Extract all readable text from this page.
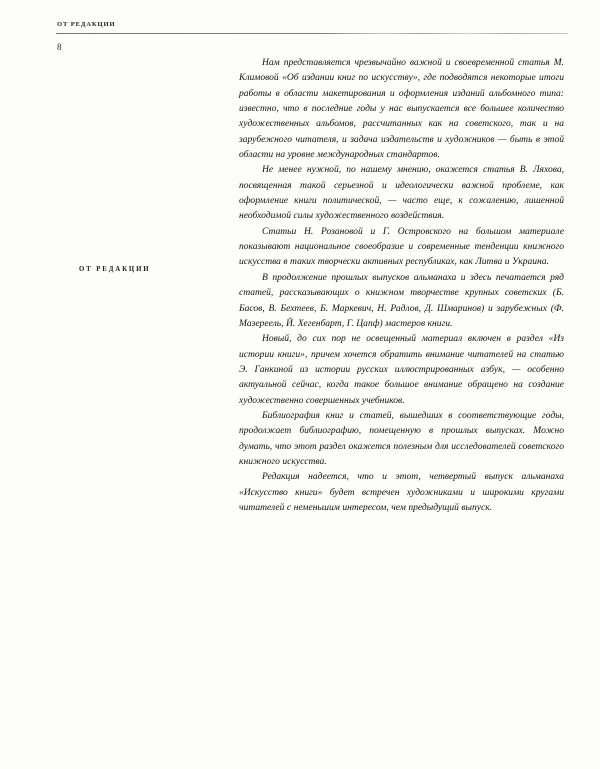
ОТ РЕДАКЦИИ
8
ОТ РЕДАКЦИИ

Нам представляется чрезвычайно важной и своевременной статья М. Климовой «Об издании книг по искусству», где подводятся некоторые итоги работы в области макетирования и оформления изданий альбомного типа: известно, что в последние годы у нас выпускается все большее количество художественных альбомов, рассчитанных как на советского, так и на зарубежного читателя, и задача издательств и художников — быть в этой области на уровне международных стандартов.

Не менее нужной, по нашему мнению, окажется статья В. Ляхова, посвященная такой серьезной и идеологически важной проблеме, как оформление книги политической, — часто еще, к сожалению, лишенной необходимой силы художественного воздействия.

Статьи Н. Розановой и Г. Островского на большом материале показывают национальное своеобразие и современные тенденции книжного искусства в таких творчески активных республиках, как Литва и Украина.

В продолжение прошлых выпусков альманаха и здесь печатается ряд статей, рассказывающих о книжном творчестве крупных советских (Б. Басов, В. Бехтеев, Б. Маркевич, Н. Радлов, Д. Шмаринов) и зарубежных (Ф. Мазереель, Й. Хегенбарт, Г. Цапф) мастеров книги.

Новый, до сих пор не освещенный материал включен в раздел «Из истории книги», причем хочется обратить внимание читателей на статью Э. Ганкиной из истории русских иллюстрированных азбук, — особенно актуальной сейчас, когда такое большое внимание обращено на создание художественно совершенных учебников.

Библиография книг и статей, вышедших в соответствующие годы, продолжает библиографию, помещенную в прошлых выпусках. Можно думать, что этот раздел окажется полезным для исследователей советского книжного искусства.

Редакция надеется, что и этот, четвертый выпуск альманаха «Искусство книги» будет встречен художниками и широкими кругами читателей с неменьшим интересом, чем предыдущий выпуск.
